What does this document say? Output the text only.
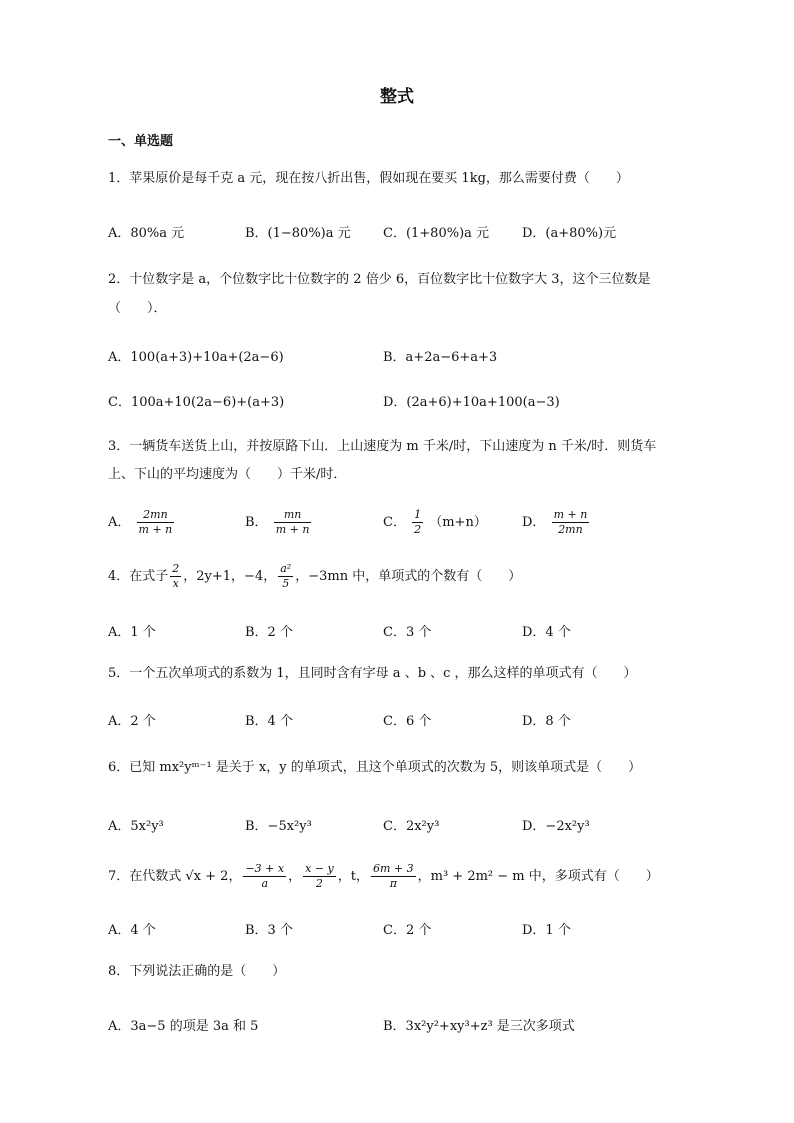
整式
一、单选题
1．苹果原价是每千克 a 元，现在按八折出售，假如现在要买 1kg，那么需要付费（　　）
A．80%a 元	B．(1−80%)a 元 C．(1+80%)a 元	D．(a+80%)元
2．十位数字是 a，个位数字比十位数字的 2 倍少 6，百位数字比十位数字大 3，这个三位数是
（　　）．
A．100(a+3)+10a+(2a−6)	B．a+2a−6+a+3
C．100a+10(2a−6)+(a+3)	D．(2a+6)+10a+100(a−3)
3．一辆货车送货上山，并按原路下山．上山速度为 m 千米/时，下山速度为 n 千米/时．则货车
上、下山的平均速度为（　　）千米/时．
A． $\frac{2mn}{m + n}$	B． $\frac{mn}{m + n}$	C． $\frac{1}{2} (m+n)$	D． $\frac{m + n}{2mn}$
4．在式子 $\frac{2}{x}$ ，2y+1，−4， $\frac{\text{a²}}{5}$ ，−3mn 中，单项式的个数有（　　）
A．1 个	B．2 个	C．3 个	D．4 个
5．一个五次单项式的系数为 1，且同时含有字母 a 、b 、c ，那么这样的单项式有（　　）
A．2 个	B．4 个	C．6 个	D．8 个
6．已知 mx²yᵐ⁻¹ 是关于 x，y 的单项式，且这个单项式的次数为 5，则该单项式是（　　）
A．5x²y³	B．−5x²y³	C．2x²y³	D．−2x²y³
7．在代数式 √x + 2， $\frac{-3 + x}{a}$ ， $\frac{x - y}{2}$ ，t， $\frac{6m + 3}{\pi}$ ，m³ + 2m² − m 中，多项式有（　　）
A．4 个	B．3 个	C．2 个	D．1 个
8．下列说法正确的是（　　）
A．3a−5 的项是 3a 和 5	B．3x²y²+xy³+z³ 是三次多项式
